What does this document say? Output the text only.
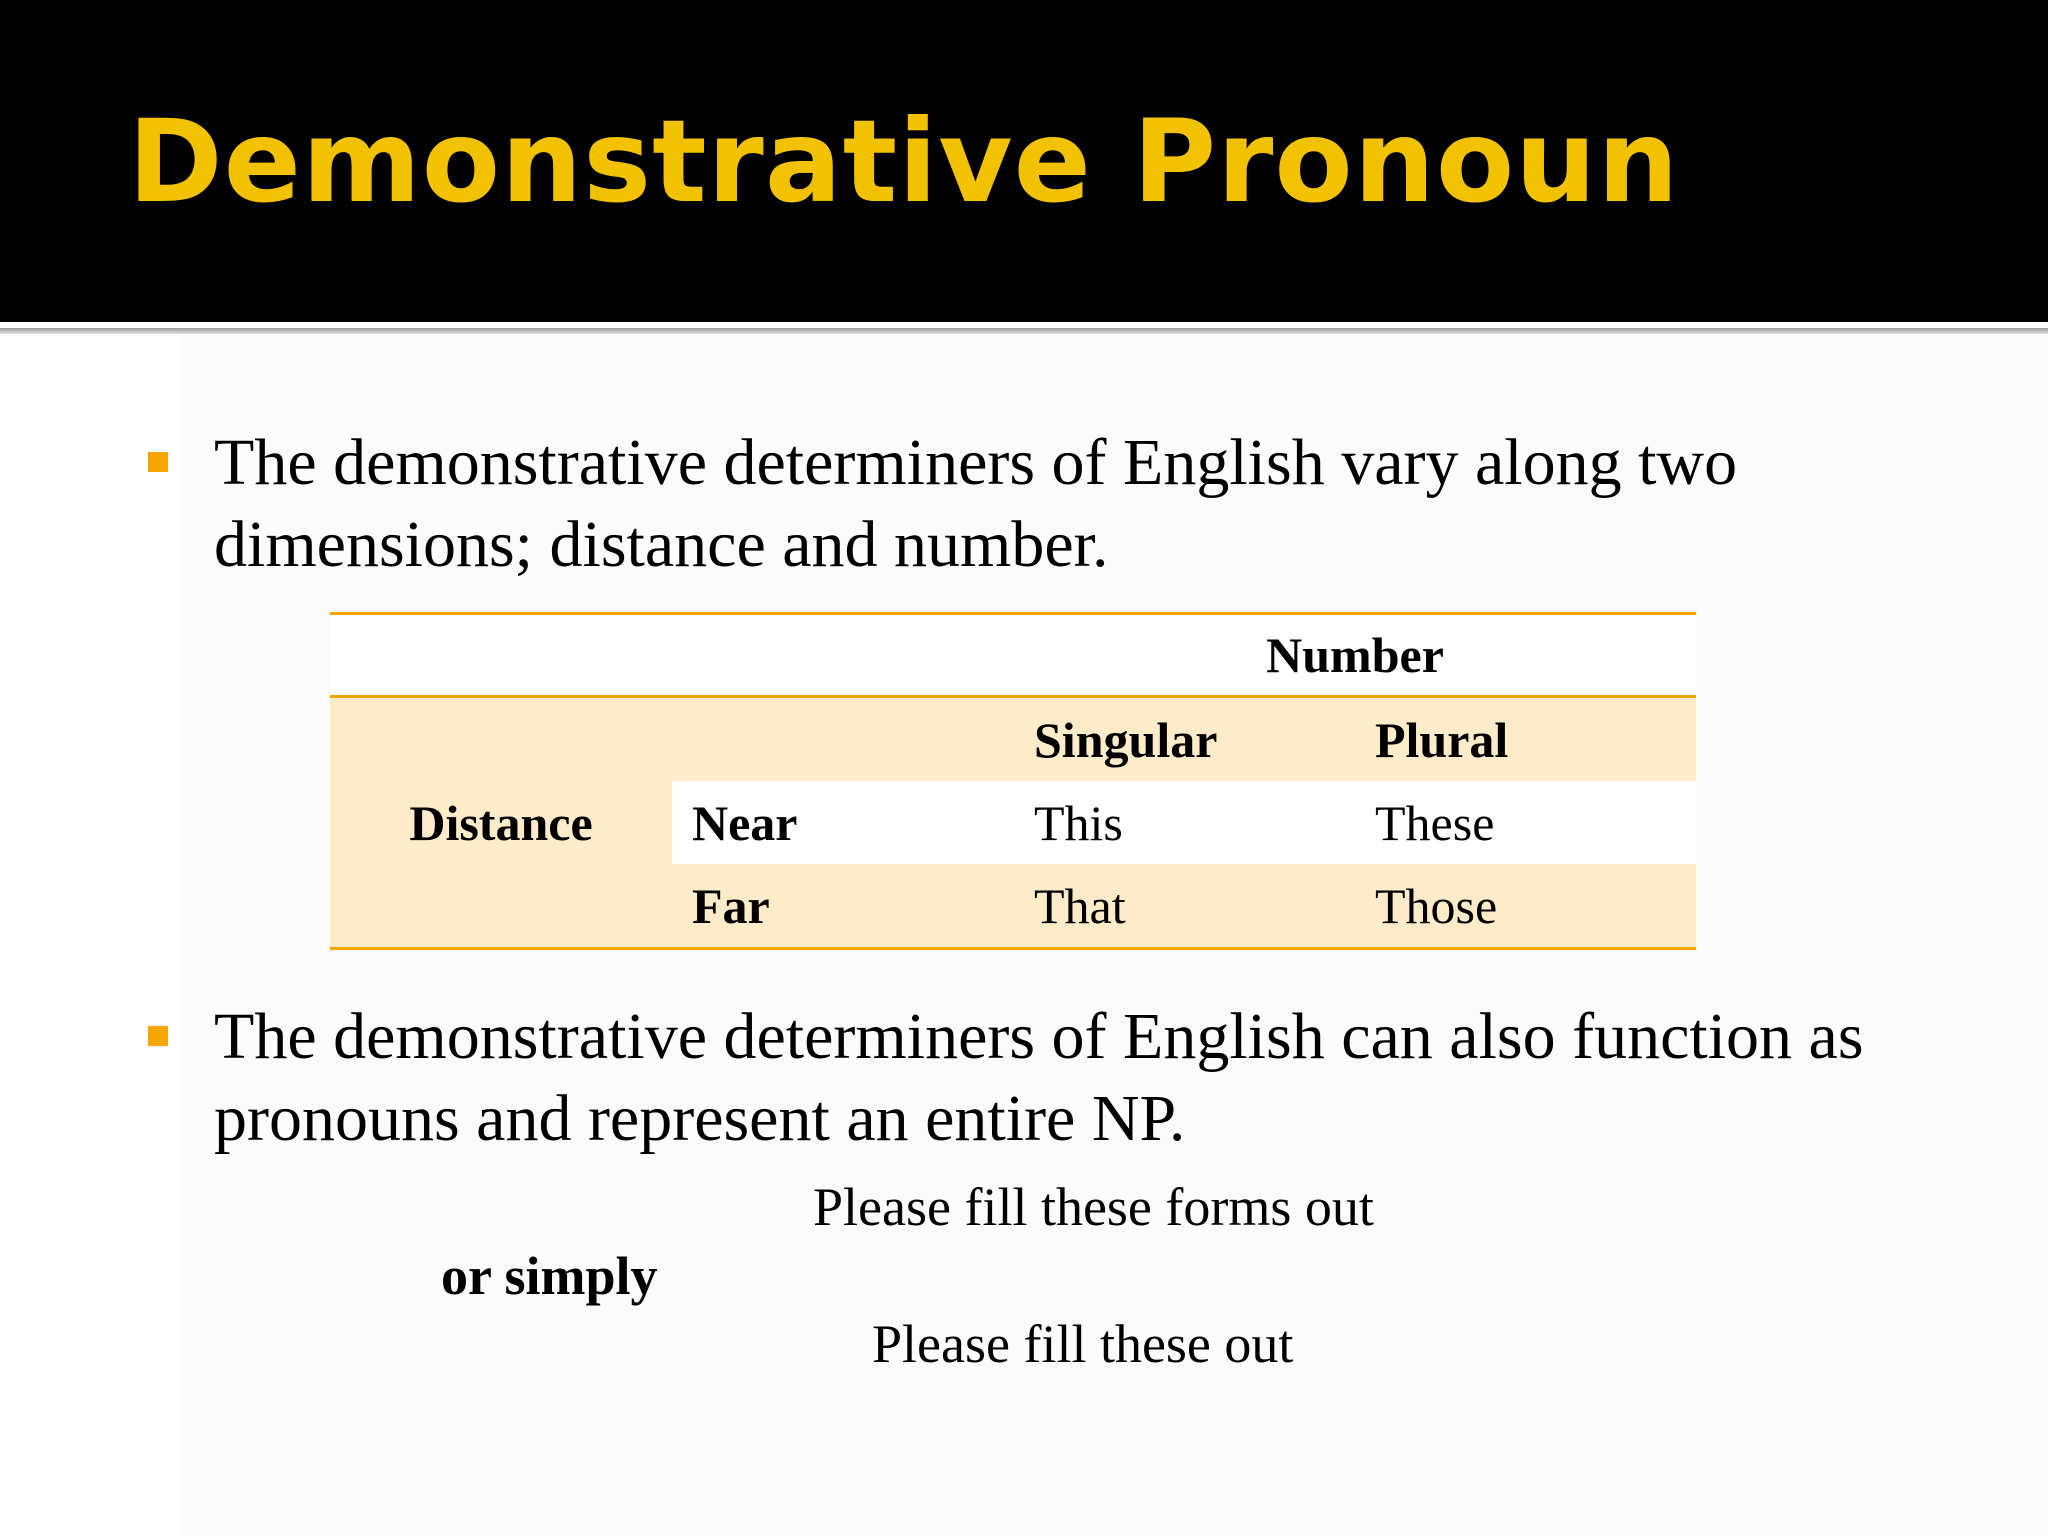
Demonstrative Pronoun
The demonstrative determiners of English vary along two dimensions; distance and number.
		Number	
Distance		Singular	Plural
	Near	This	These
	Far	That	Those
The demonstrative determiners of English can also function as pronouns and represent an entire NP.
Please fill these forms out
or simply
Please fill these out
